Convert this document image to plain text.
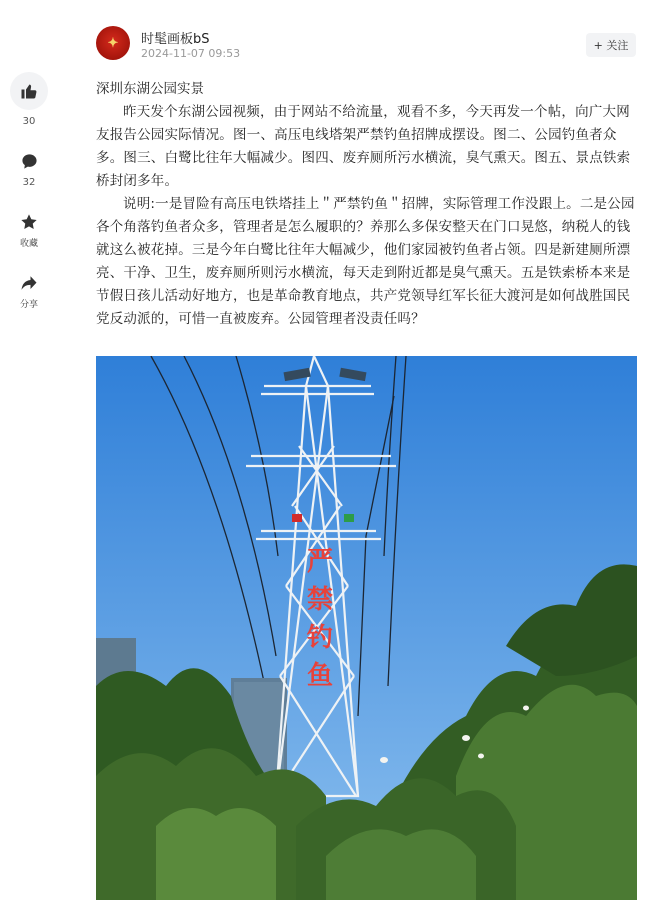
30
32
收藏
分享
✦ 时髦画板bS
2024-11-07 09:53
+ 关注
深圳东湖公园实景

昨天发个东湖公园视频，由于网站不给流量，观看不多，今天再发一个帖，向广大网友报告公园实际情况。图一、高压电线塔架严禁钓鱼招牌成摆设。图二、公园钓鱼者众多。图三、白鹭比往年大幅减少。图四、废弃厕所污水横流，臭气熏天。图五、景点铁索桥封闭多年。

说明:一是冒险有高压电铁塔挂上＂严禁钓鱼＂招牌，实际管理工作没跟上。二是公园各个角落钓鱼者众多，管理者是怎么履职的？养那么多保安整天在门口晃悠，纳税人的钱就这么被花掉。三是今年白鹭比往年大幅减少，他们家园被钓鱼者占领。四是新建厕所漂亮、干净、卫生，废弃厕所则污水横流，每天走到附近都是臭气熏天。五是铁索桥本来是节假日孩儿活动好地方，也是革命教育地点，共产党领导红军长征大渡河是如何战胜国民党反动派的，可惜一直被废弃。公园管理者没责任吗？

严
禁
钓
鱼
